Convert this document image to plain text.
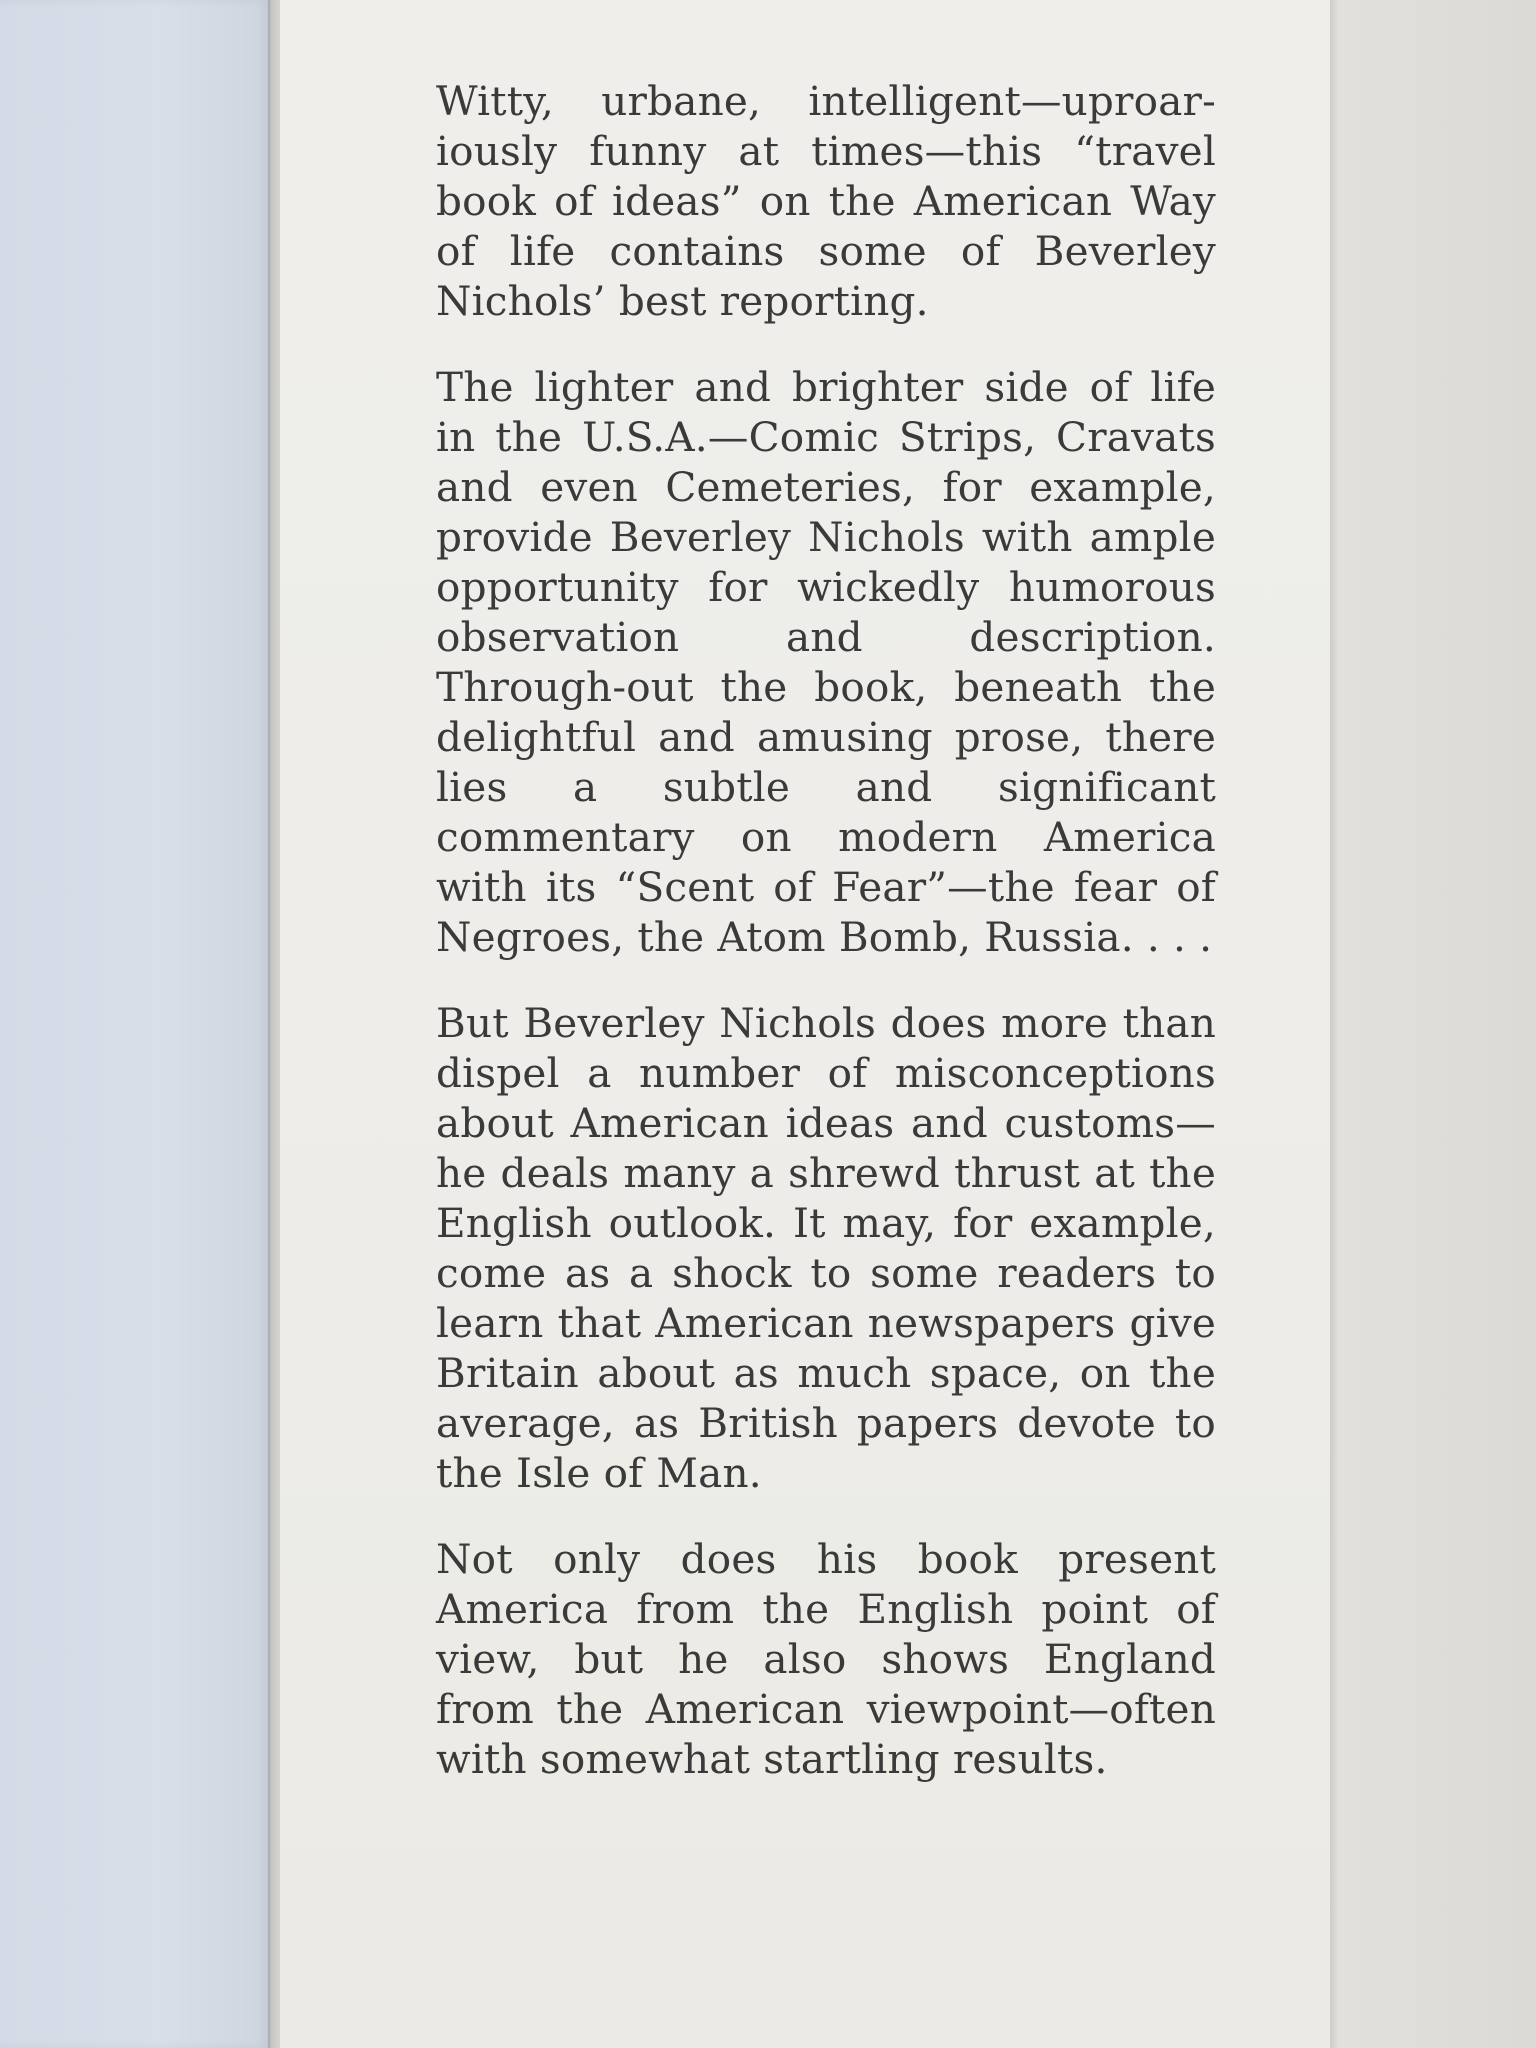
Witty, urbane, intelligent—uproar-iously funny at times—this “travel book of ideas” on the American Way of life contains some of Beverley Nichols’ best reporting.

The lighter and brighter side of life in the U.S.A.—Comic Strips, Cravats and even Cemeteries, for example, provide Beverley Nichols with ample opportunity for wickedly humorous observation and description. Through-out the book, beneath the delightful and amusing prose, there lies a subtle and significant commentary on modern America with its “Scent of Fear”—the fear of Negroes, the Atom Bomb, Russia. . . .

But Beverley Nichols does more than dispel a number of misconceptions about American ideas and customs—he deals many a shrewd thrust at the English outlook. It may, for example, come as a shock to some readers to learn that American newspapers give Britain about as much space, on the average, as British papers devote to the Isle of Man.

Not only does his book present America from the English point of view, but he also shows England from the American viewpoint—often with somewhat startling results.
